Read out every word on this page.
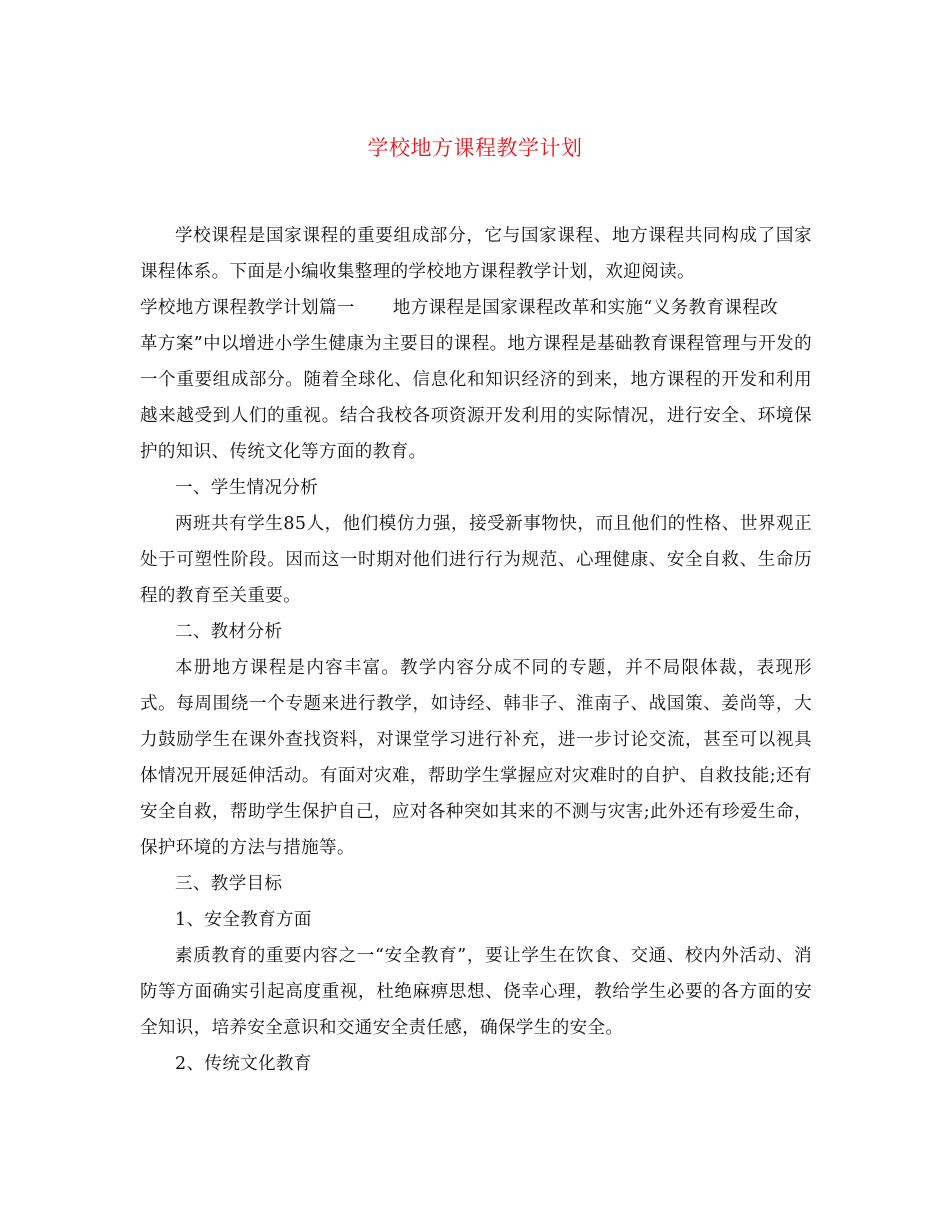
学校地方课程教学计划

学校课程是国家课程的重要组成部分，它与国家课程、地方课程共同构成了国家课程体系。下面是小编收集整理的学校地方课程教学计划，欢迎阅读。

学校地方课程教学计划篇一 地方课程是国家课程改革和实施“义务教育课程改

革方案”中以增进小学生健康为主要目的课程。地方课程是基础教育课程管理与开发的一个重要组成部分。随着全球化、信息化和知识经济的到来，地方课程的开发和利用越来越受到人们的重视。结合我校各项资源开发利用的实际情况，进行安全、环境保护的知识、传统文化等方面的教育。

一、学生情况分析

两班共有学生85人，他们模仿力强，接受新事物快，而且他们的性格、世界观正处于可塑性阶段。因而这一时期对他们进行行为规范、心理健康、安全自救、生命历程的教育至关重要。

二、教材分析

本册地方课程是内容丰富。教学内容分成不同的专题，并不局限体裁，表现形式。每周围绕一个专题来进行教学，如诗经、韩非子、淮南子、战国策、姜尚等，大力鼓励学生在课外查找资料，对课堂学习进行补充，进一步讨论交流，甚至可以视具体情况开展延伸活动。有面对灾难，帮助学生掌握应对灾难时的自护、自救技能;还有安全自救，帮助学生保护自己，应对各种突如其来的不测与灾害;此外还有珍爱生命，保护环境的方法与措施等。

三、教学目标

1、安全教育方面

素质教育的重要内容之一“安全教育”，要让学生在饮食、交通、校内外活动、消防等方面确实引起高度重视，杜绝麻痹思想、侥幸心理，教给学生必要的各方面的安全知识，培养安全意识和交通安全责任感，确保学生的安全。

2、传统文化教育
